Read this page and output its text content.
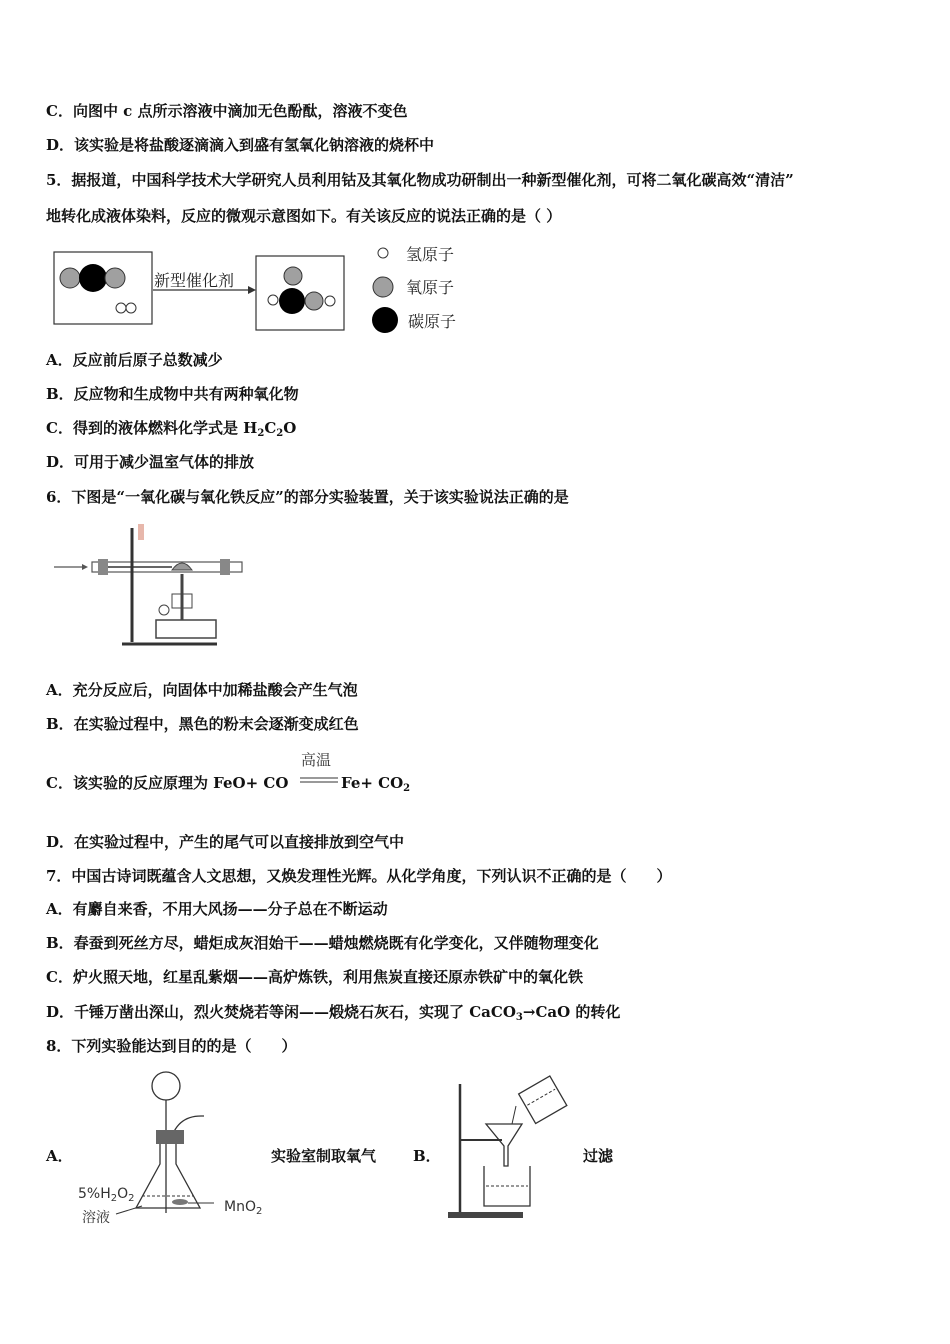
C．向图中 c 点所示溶液中滴加无色酚酞，溶液不变色
D．该实验是将盐酸逐滴滴入到盛有氢氧化钠溶液的烧杯中
5．据报道，中国科学技术大学研究人员利用钴及其氧化物成功研制出一种新型催化剂，可将二氧化碳高效“清洁”
地转化成液体染料，反应的微观示意图如下。有关该反应的说法正确的是（ ）
新型催化剂
氢原子
氧原子
碳原子
A．反应前后原子总数减少
B．反应物和生成物中共有两种氧化物
C．得到的液体燃料化学式是 $H_2C_2O$
D．可用于减少温室气体的排放
6．下图是“一氧化碳与氧化铁反应”的部分实验装置，关于该实验说法正确的是
A．充分反应后，向固体中加稀盐酸会产生气泡
B．在实验过程中，黑色的粉末会逐渐变成红色
C．该实验的反应原理为 FeO+ CO
高温
$Fe+ CO_2$
D．在实验过程中，产生的尾气可以直接排放到空气中
7．中国古诗词既蕴含人文思想，又焕发理性光辉。从化学角度，下列认识不正确的是（　　）
A．有麝自来香，不用大风扬——分子总在不断运动
B．春蚕到死丝方尽，蜡炬成灰泪始干——蜡烛燃烧既有化学变化，又伴随物理变化
C．炉火照天地，红星乱紫烟——高炉炼铁，利用焦炭直接还原赤铁矿中的氧化铁
D．千锤万凿出深山，烈火焚烧若等闲——煅烧石灰石，实现了 CaCO$_3$→CaO 的转化
8．下列实验能达到目的的是（　　）
A．
$5\%H_2O_2$
溶液
MnO$_2$
实验室制取氧气 B．	过滤
